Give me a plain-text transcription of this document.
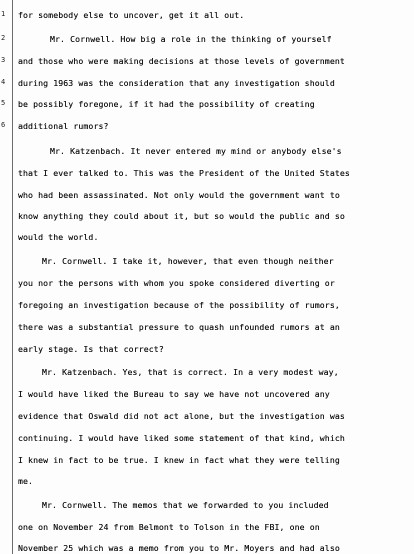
1
2
3
4
5
6
for somebody else to uncover, get it all out.
Mr. Cornwell. How big a role in the thinking of yourself
and those who were making decisions at those levels of government
during 1963 was the consideration that any investigation should
be possibly foregone, if it had the possibility of creating
additional rumors?
Mr. Katzenbach. It never entered my mind or anybody else's
that I ever talked to. This was the President of the United States
who had been assassinated. Not only would the government want to
know anything they could about it, but so would the public and so
would the world.
Mr. Cornwell. I take it, however, that even though neither
you nor the persons with whom you spoke considered diverting or
foregoing an investigation because of the possibility of rumors,
there was a substantial pressure to quash unfounded rumors at an
early stage. Is that correct?
Mr. Katzenbach. Yes, that is correct. In a very modest way,
I would have liked the Bureau to say we have not uncovered any
evidence that Oswald did not act alone, but the investigation was
continuing. I would have liked some statement of that kind, which
I knew in fact to be true. I knew in fact what they were telling
me.
Mr. Cornwell. The memos that we forwarded to you included
one on November 24 from Belmont to Tolson in the FBI, one on
November 25 which was a memo from you to Mr. Moyers and had also
